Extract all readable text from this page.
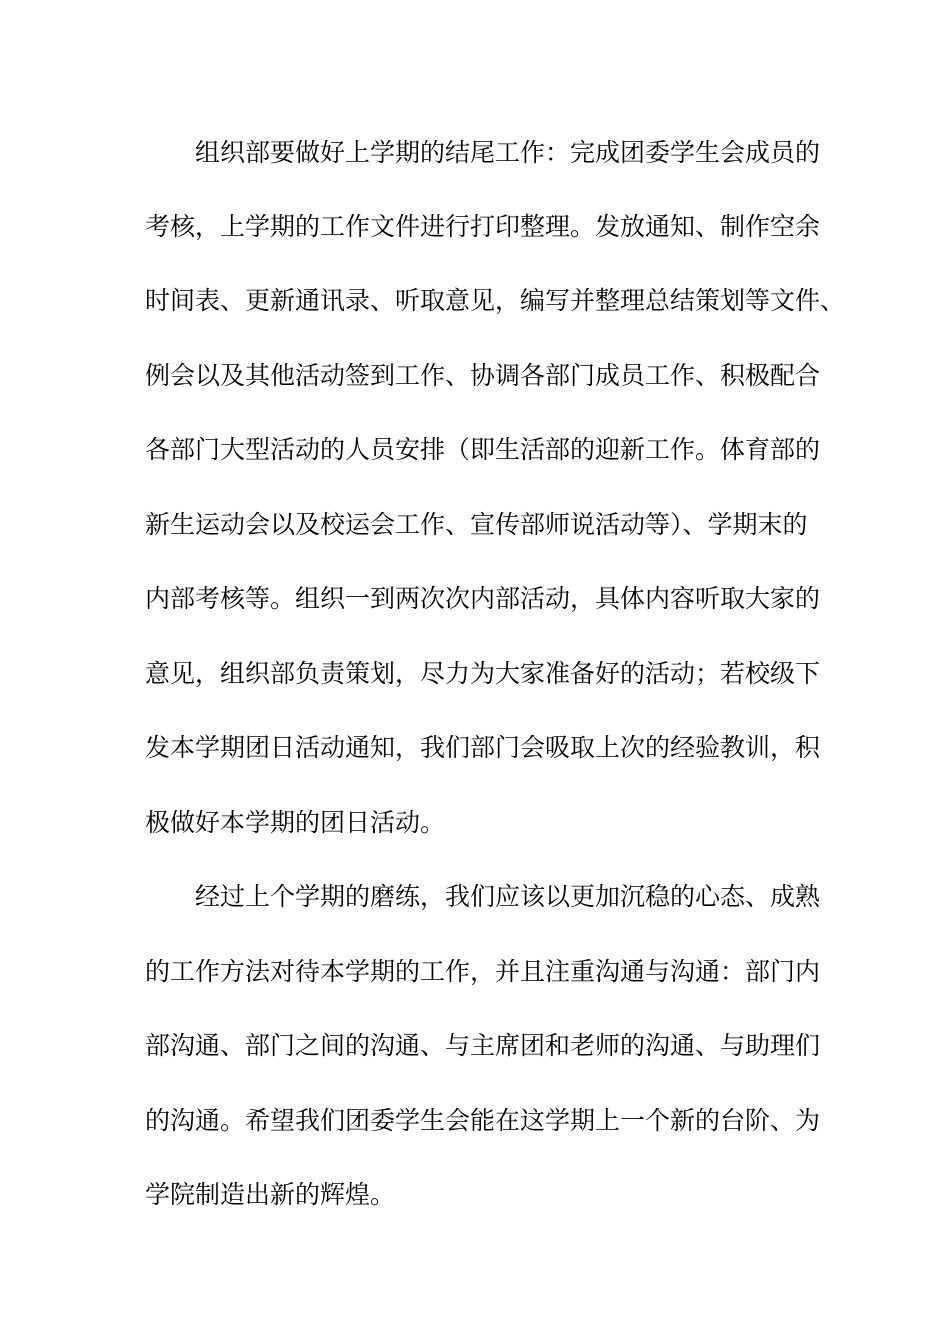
组织部要做好上学期的结尾工作：完成团委学生会成员的
考核，上学期的工作文件进行打印整理。发放通知、制作空余
时间表、更新通讯录、听取意见，编写并整理总结策划等文件、
例会以及其他活动签到工作、协调各部门成员工作、积极配合
各部门大型活动的人员安排（即生活部的迎新工作。体育部的
新生运动会以及校运会工作、宣传部师说活动等）、学期末的
内部考核等。组织一到两次次内部活动，具体内容听取大家的
意见，组织部负责策划，尽力为大家准备好的活动；若校级下
发本学期团日活动通知，我们部门会吸取上次的经验教训，积
极做好本学期的团日活动。
经过上个学期的磨练，我们应该以更加沉稳的心态、成熟
的工作方法对待本学期的工作，并且注重沟通与沟通：部门内
部沟通、部门之间的沟通、与主席团和老师的沟通、与助理们
的沟通。希望我们团委学生会能在这学期上一个新的台阶、为
学院制造出新的辉煌。
